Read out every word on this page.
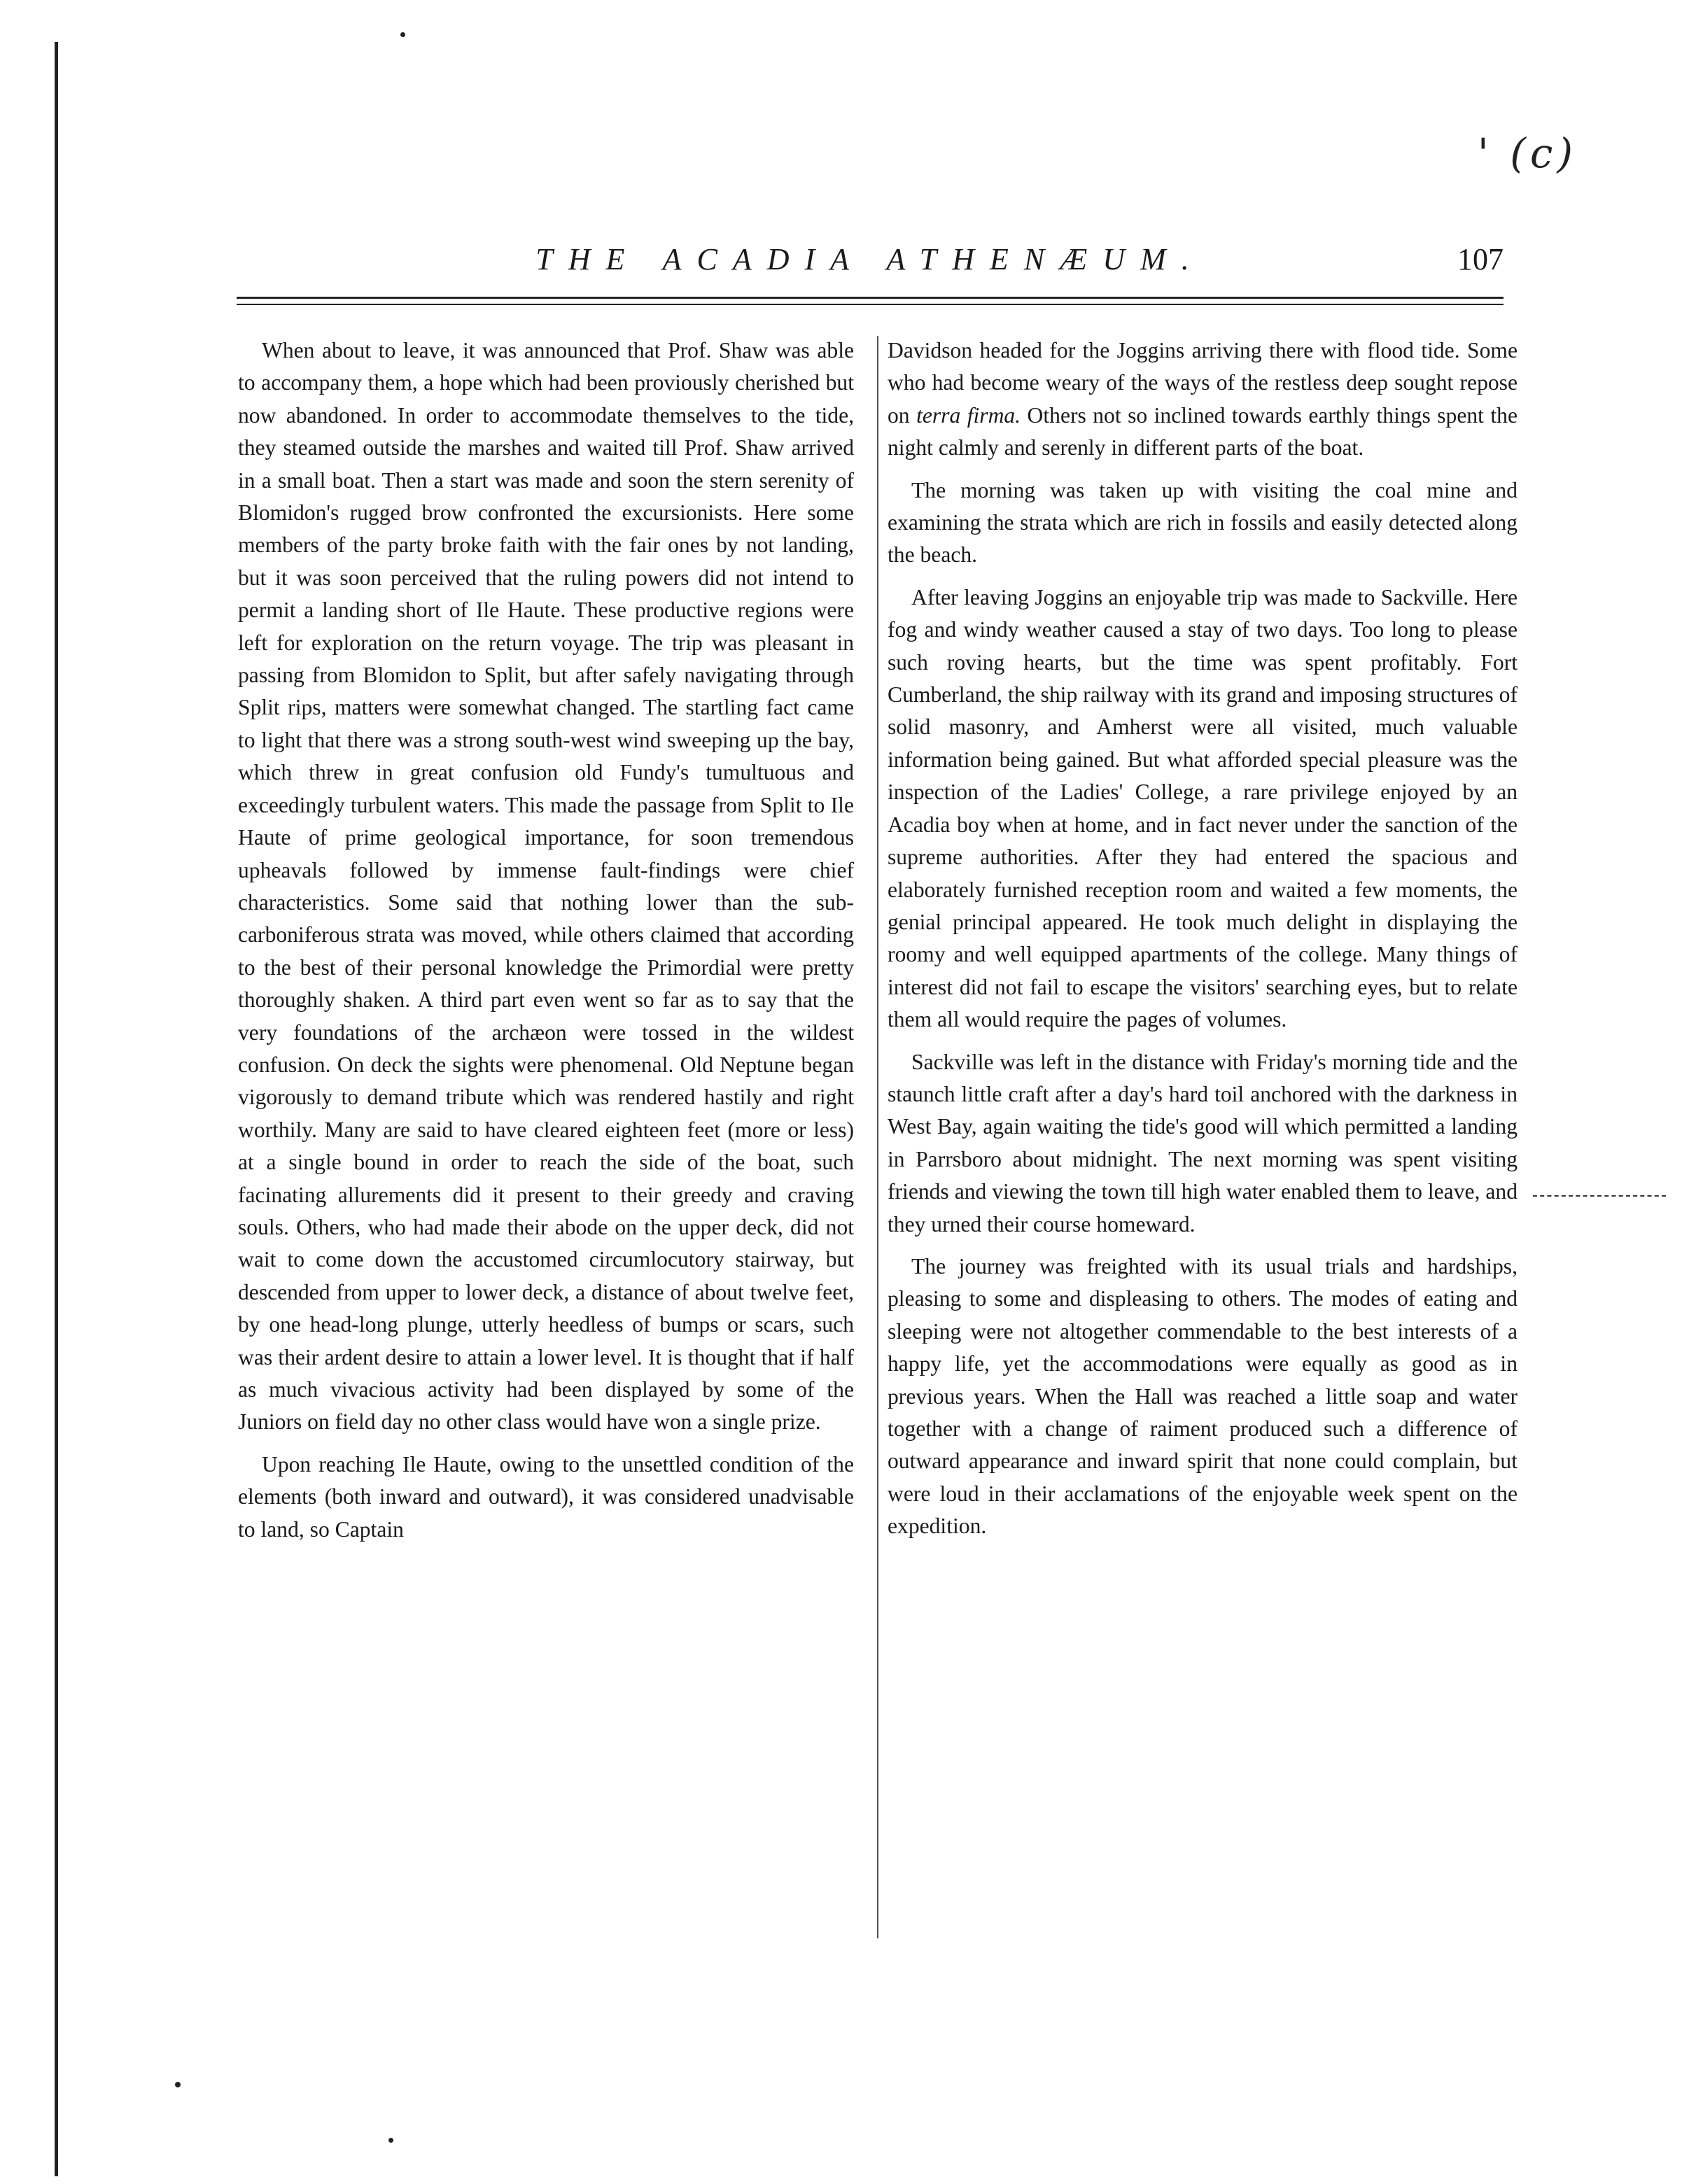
' (c)
THE ACADIA ATHENÆUM.	107

When about to leave, it was announced that Prof. Shaw was able to accompany them, a hope which had been proviously cherished but now abandoned. In order to accommodate themselves to the tide, they steamed outside the marshes and waited till Prof. Shaw arrived in a small boat. Then a start was made and soon the stern serenity of Blomidon's rugged brow confronted the excursionists. Here some members of the party broke faith with the fair ones by not landing, but it was soon perceived that the ruling powers did not intend to permit a landing short of Ile Haute. These productive regions were left for exploration on the return voyage. The trip was pleasant in passing from Blomidon to Split, but after safely navigating through Split rips, matters were somewhat changed. The startling fact came to light that there was a strong south-west wind sweeping up the bay, which threw in great confusion old Fundy's tumultuous and exceedingly turbulent waters. This made the passage from Split to Ile Haute of prime geological importance, for soon tremendous upheavals followed by immense fault-findings were chief characteristics. Some said that nothing lower than the sub-carboniferous strata was moved, while others claimed that according to the best of their personal knowledge the Primordial were pretty thoroughly shaken. A third part even went so far as to say that the very foundations of the archæon were tossed in the wildest confusion. On deck the sights were phenomenal. Old Neptune began vigorously to demand tribute which was rendered hastily and right worthily. Many are said to have cleared eighteen feet (more or less) at a single bound in order to reach the side of the boat, such facinating allurements did it present to their greedy and craving souls. Others, who had made their abode on the upper deck, did not wait to come down the accustomed circumlocutory stairway, but descended from upper to lower deck, a distance of about twelve feet, by one head-long plunge, utterly heedless of bumps or scars, such was their ardent desire to attain a lower level. It is thought that if half as much vivacious activity had been displayed by some of the Juniors on field day no other class would have won a single prize.

Upon reaching Ile Haute, owing to the unsettled condition of the elements (both inward and outward), it was considered unadvisable to land, so Captain

Davidson headed for the Joggins arriving there with flood tide. Some who had become weary of the ways of the restless deep sought repose on terra firma. Others not so inclined towards earthly things spent the night calmly and serenly in different parts of the boat.

The morning was taken up with visiting the coal mine and examining the strata which are rich in fossils and easily detected along the beach.

After leaving Joggins an enjoyable trip was made to Sackville. Here fog and windy weather caused a stay of two days. Too long to please such roving hearts, but the time was spent profitably. Fort Cumberland, the ship railway with its grand and imposing structures of solid masonry, and Amherst were all visited, much valuable information being gained. But what afforded special pleasure was the inspection of the Ladies' College, a rare privilege enjoyed by an Acadia boy when at home, and in fact never under the sanction of the supreme authorities. After they had entered the spacious and elaborately furnished reception room and waited a few moments, the genial principal appeared. He took much delight in displaying the roomy and well equipped apartments of the college. Many things of interest did not fail to escape the visitors' searching eyes, but to relate them all would require the pages of volumes.

Sackville was left in the distance with Friday's morning tide and the staunch little craft after a day's hard toil anchored with the darkness in West Bay, again waiting the tide's good will which permitted a landing in Parrsboro about midnight. The next morning was spent visiting friends and viewing the town till high water enabled them to leave, and they urned their course homeward.

The journey was freighted with its usual trials and hardships, pleasing to some and displeasing to others. The modes of eating and sleeping were not altogether commendable to the best interests of a happy life, yet the accommodations were equally as good as in previous years. When the Hall was reached a little soap and water together with a change of raiment produced such a difference of outward appearance and inward spirit that none could complain, but were loud in their acclamations of the enjoyable week spent on the expedition.
